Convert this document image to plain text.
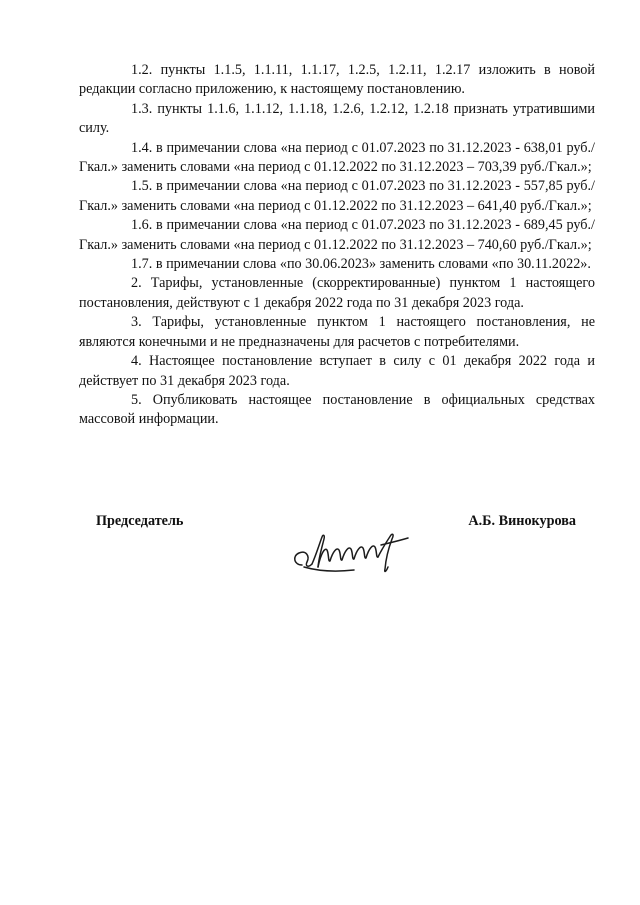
1.2. пункты 1.1.5, 1.1.11, 1.1.17, 1.2.5, 1.2.11, 1.2.17 изложить в новой редакции согласно приложению, к настоящему постановлению.

1.3. пункты 1.1.6, 1.1.12, 1.1.18, 1.2.6, 1.2.12, 1.2.18 признать утратившими силу.

1.4. в примечании слова «на период с 01.07.2023 по 31.12.2023 - 638,01 руб./Гкал.» заменить словами «на период с 01.12.2022 по 31.12.2023 – 703,39 руб./Гкал.»;

1.5. в примечании слова «на период с 01.07.2023 по 31.12.2023 - 557,85 руб./Гкал.» заменить словами «на период с 01.12.2022 по 31.12.2023 – 641,40 руб./Гкал.»;

1.6. в примечании слова «на период с 01.07.2023 по 31.12.2023 - 689,45 руб./Гкал.» заменить словами «на период с 01.12.2022 по 31.12.2023 – 740,60 руб./Гкал.»;

1.7. в примечании слова «по 30.06.2023» заменить словами «по 30.11.2022».

2. Тарифы, установленные (скорректированные) пунктом 1 настоящего постановления, действуют с 1 декабря 2022 года по 31 декабря 2023 года.

3. Тарифы, установленные пунктом 1 настоящего постановления, не являются конечными и не предназначены для расчетов с потребителями.

4. Настоящее постановление вступает в силу с 01 декабря 2022 года и действует по 31 декабря 2023 года.

5. Опубликовать настоящее постановление в официальных средствах массовой информации.

Председатель	А.Б. Винокурова
